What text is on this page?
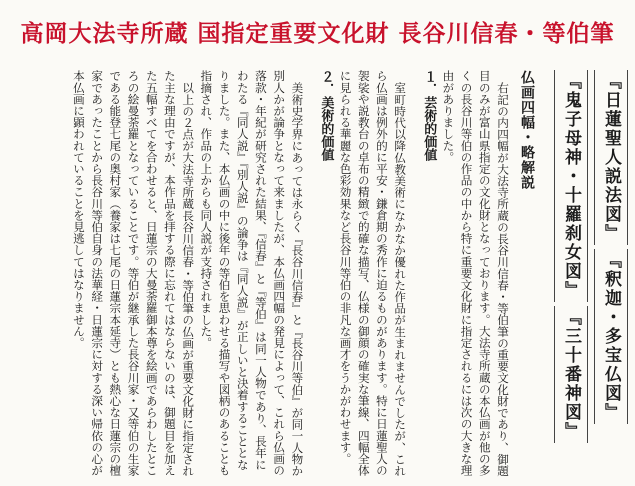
高岡大法寺所蔵 国指定重要文化財 長谷川信春・等伯筆
『日蓮聖人説法図』 『釈迦・多宝仏図』 『鬼子母神・十羅刹女図』 『三十番神図』
仏画四幅・略解説

右記の内四幅が大法寺所蔵の長谷川信春・等伯筆の重要文化財であり、御題目のみが富山県指定の文化財となっております。大法寺所蔵の本仏画が他の多くの長谷川等伯の作品の中から特に重要文化財に指定されるには次の大きな理由がありました。

１．芸術的価値

室町時代以降仏教美術になかなか優れた作品が生まれませんでしたが、これら仏画は例外的に平安・鎌倉期の秀作に迫るものがあります。特に日蓮聖人の袈裟や説教台の卓布の精緻で的確な描写、仏様の御顔の確実な筆線、四幅全体に見られる華麗な色彩効果など長谷川等伯の非凡な画才をうかがわせます。

２．美術的価値

美術史学界にあっては永らく『長谷川信春』と『長谷川等伯』が同一人物か別人かが論争となって来ましたが、本仏画四幅の発見によって、これら仏画の落款・年紀が研究された結果、『信春』と『等伯』は同一人物であり、長年にわたる『同人説』『別人説』の論争は『同人説』が正しいと決着することとなりました。また、本仏画の中に後年の等伯を思わせる描写や図柄のあることも指摘され、作品の上からも同人説が支持されました。

以上の２点が大法寺所蔵長谷川信春・等伯筆の仏画が重要文化財に指定された主な理由ですが、本作品を拝する際に忘れてはならないのは、御題目を加えた五幅すべてを合わせると、日蓮宗の大曼荼羅御本尊を絵画であらわしたところの絵曼荼羅となっていることです。等伯が継承した長谷川家・又等伯の生家である能登七尾の奥村家（養家は七尾の日蓮宗本延寺）とも熱心な日蓮宗の檀家であったことから長谷川等伯自身の法華経・日蓮宗に対する深い帰依の心が本仏画に顕われていることを見逃してはなりません。
